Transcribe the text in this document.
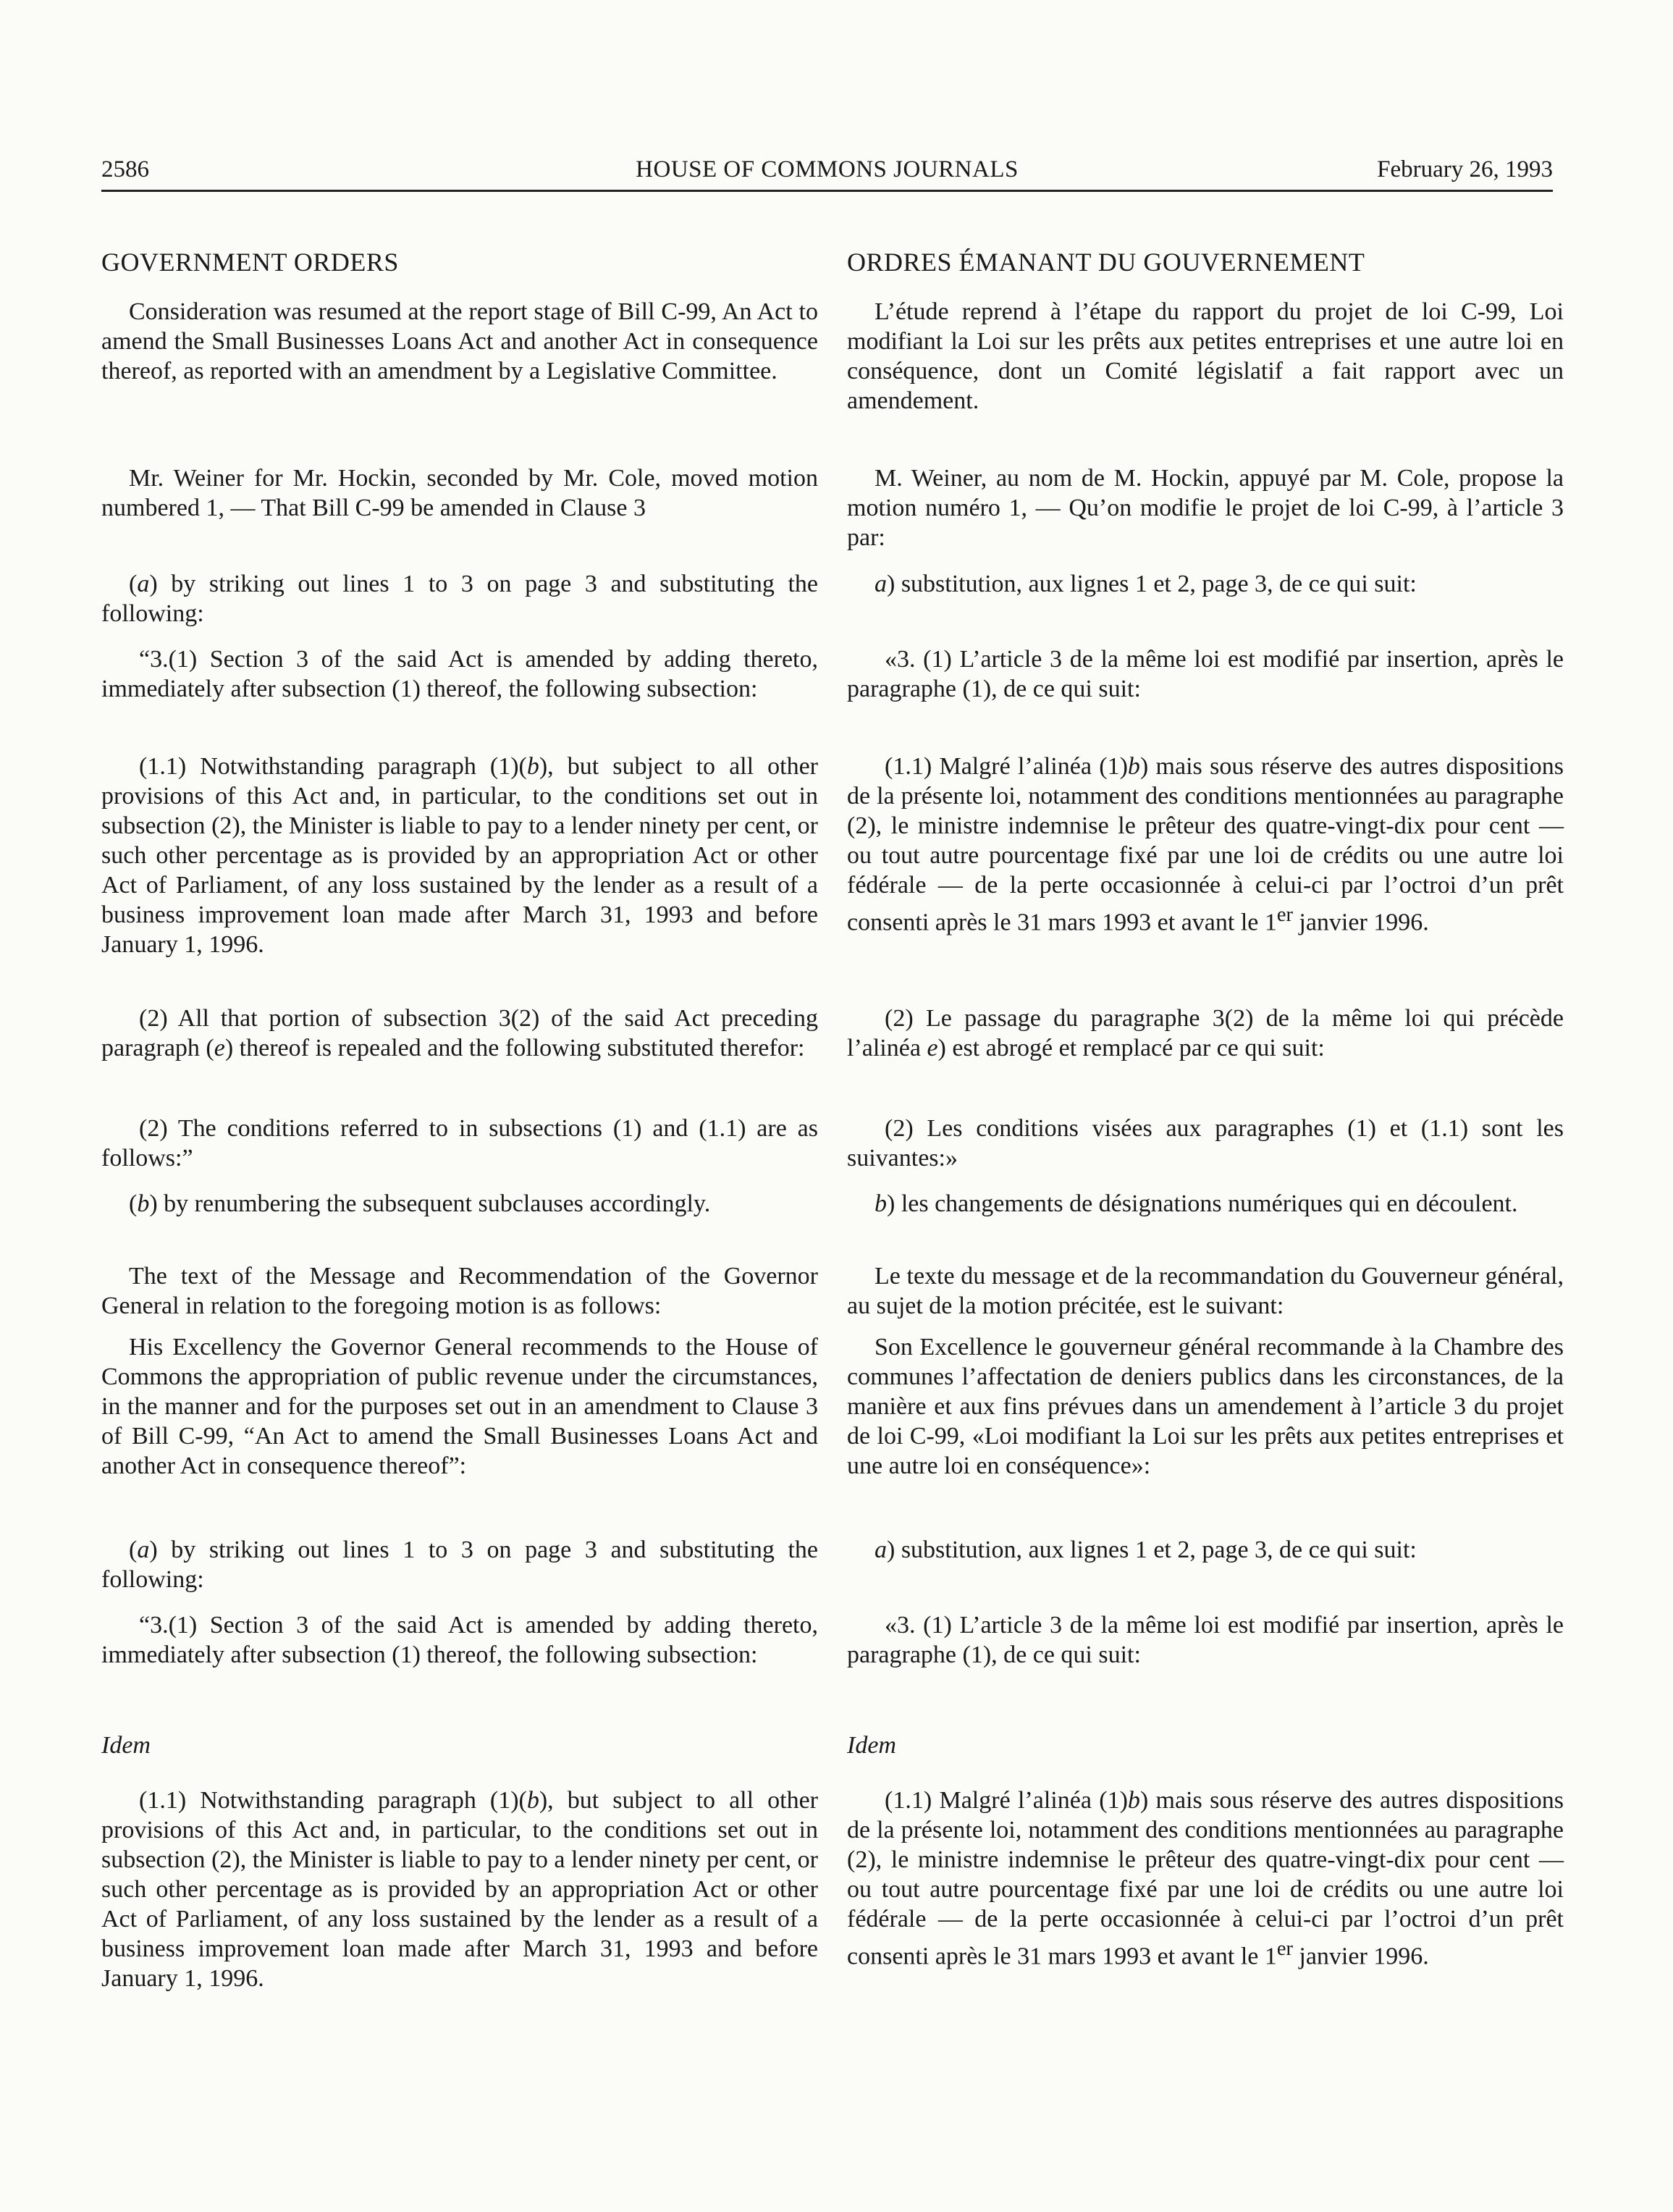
2586	HOUSE OF COMMONS JOURNALS	February 26, 1993
GOVERNMENT ORDERS

Consideration was resumed at the report stage of Bill C-99, An Act to amend the Small Businesses Loans Act and another Act in consequence thereof, as reported with an amendment by a Legislative Committee.

Mr. Weiner for Mr. Hockin, seconded by Mr. Cole, moved motion numbered 1, — That Bill C-99 be amended in Clause 3

(a) by striking out lines 1 to 3 on page 3 and substituting the following:

“3.(1) Section 3 of the said Act is amended by adding thereto, immediately after subsection (1) thereof, the following subsection:

(1.1) Notwithstanding paragraph (1)(b), but subject to all other provisions of this Act and, in particular, to the conditions set out in subsection (2), the Minister is liable to pay to a lender ninety per cent, or such other percentage as is provided by an appropriation Act or other Act of Parliament, of any loss sustained by the lender as a result of a business improvement loan made after March 31, 1993 and before January 1, 1996.

(2) All that portion of subsection 3(2) of the said Act preceding paragraph (e) thereof is repealed and the following substituted therefor:

(2) The conditions referred to in subsections (1) and (1.1) are as follows:”

(b) by renumbering the subsequent subclauses accordingly.

The text of the Message and Recommendation of the Governor General in relation to the foregoing motion is as follows:

His Excellency the Governor General recommends to the House of Commons the appropriation of public revenue under the circumstances, in the manner and for the purposes set out in an amendment to Clause 3 of Bill C-99, “An Act to amend the Small Businesses Loans Act and another Act in consequence thereof”:

(a) by striking out lines 1 to 3 on page 3 and substituting the following:

“3.(1) Section 3 of the said Act is amended by adding thereto, immediately after subsection (1) thereof, the following subsection:

Idem

(1.1) Notwithstanding paragraph (1)(b), but subject to all other provisions of this Act and, in particular, to the conditions set out in subsection (2), the Minister is liable to pay to a lender ninety per cent, or such other percentage as is provided by an appropriation Act or other Act of Parliament, of any loss sustained by the lender as a result of a business improvement loan made after March 31, 1993 and before January 1, 1996.

ORDRES ÉMANANT DU GOUVERNEMENT

L’étude reprend à l’étape du rapport du projet de loi C-99, Loi modifiant la Loi sur les prêts aux petites entreprises et une autre loi en conséquence, dont un Comité législatif a fait rapport avec un amendement.

M. Weiner, au nom de M. Hockin, appuyé par M. Cole, propose la motion numéro 1, — Qu’on modifie le projet de loi C-99, à l’article 3 par:

a) substitution, aux lignes 1 et 2, page 3, de ce qui suit:

«3. (1) L’article 3 de la même loi est modifié par insertion, après le paragraphe (1), de ce qui suit:

(1.1) Malgré l’alinéa (1)b) mais sous réserve des autres dispositions de la présente loi, notamment des conditions mentionnées au paragraphe (2), le ministre indemnise le prêteur des quatre-vingt-dix pour cent — ou tout autre pourcentage fixé par une loi de crédits ou une autre loi fédérale — de la perte occasionnée à celui-ci par l’octroi d’un prêt consenti après le 31 mars 1993 et avant le 1er janvier 1996.

(2) Le passage du paragraphe 3(2) de la même loi qui précède l’alinéa e) est abrogé et remplacé par ce qui suit:

(2) Les conditions visées aux paragraphes (1) et (1.1) sont les suivantes:»

b) les changements de désignations numériques qui en découlent.

Le texte du message et de la recommandation du Gouverneur général, au sujet de la motion précitée, est le suivant:

Son Excellence le gouverneur général recommande à la Chambre des communes l’affectation de deniers publics dans les circonstances, de la manière et aux fins prévues dans un amendement à l’article 3 du projet de loi C-99, «Loi modifiant la Loi sur les prêts aux petites entreprises et une autre loi en conséquence»:

a) substitution, aux lignes 1 et 2, page 3, de ce qui suit:

«3. (1) L’article 3 de la même loi est modifié par insertion, après le paragraphe (1), de ce qui suit:

Idem

(1.1) Malgré l’alinéa (1)b) mais sous réserve des autres dispositions de la présente loi, notamment des conditions mentionnées au paragraphe (2), le ministre indemnise le prêteur des quatre-vingt-dix pour cent — ou tout autre pourcentage fixé par une loi de crédits ou une autre loi fédérale — de la perte occasionnée à celui-ci par l’octroi d’un prêt consenti après le 31 mars 1993 et avant le 1er janvier 1996.
